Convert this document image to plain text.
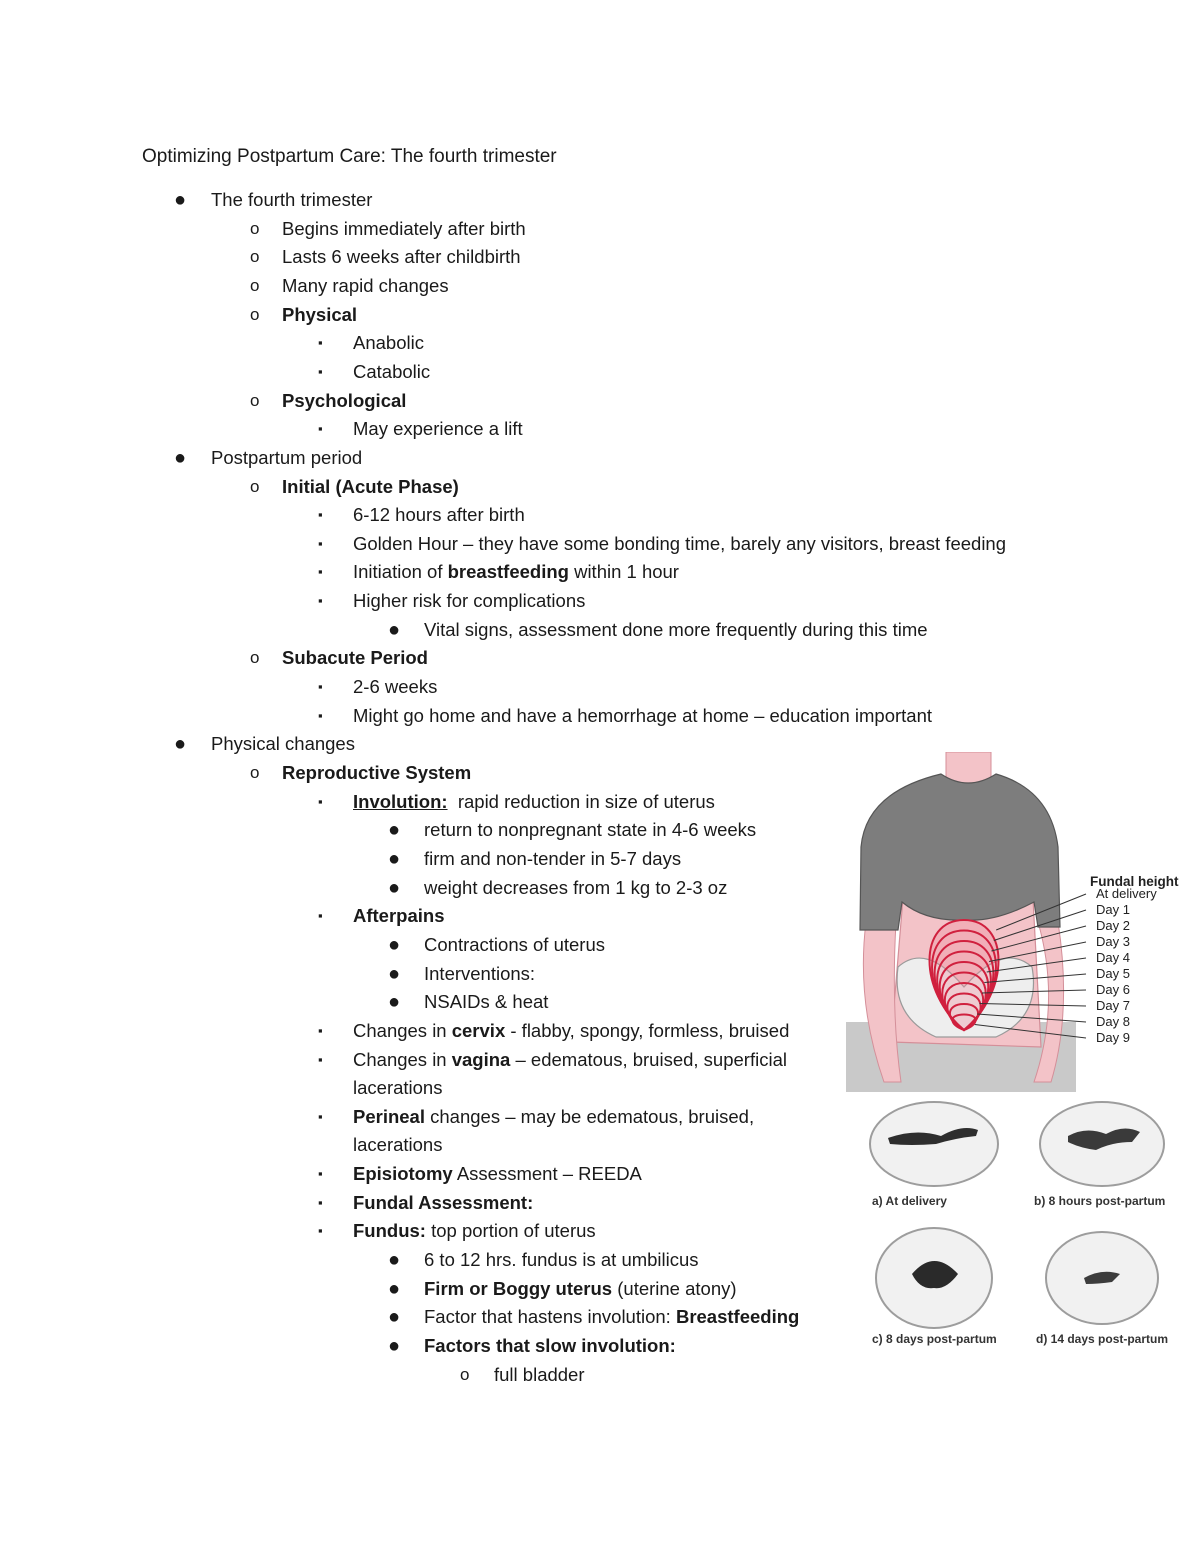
Optimizing Postpartum Care: The fourth trimester
● The fourth trimester
o Begins immediately after birth
o Lasts 6 weeks after childbirth
o Many rapid changes
o Physical
▪ Anabolic
▪ Catabolic
o Psychological
▪ May experience a lift
● Postpartum period
o Initial (Acute Phase)
▪ 6-12 hours after birth
▪ Golden Hour – they have some bonding time, barely any visitors, breast feeding
▪ Initiation of breastfeeding within 1 hour
▪ Higher risk for complications
● Vital signs, assessment done more frequently during this time
o Subacute Period
▪ 2-6 weeks
▪ Might go home and have a hemorrhage at home – education important
● Physical changes
o Reproductive System
▪ Involution:  rapid reduction in size of uterus
● return to nonpregnant state in 4-6 weeks
● firm and non-tender in 5-7 days
● weight decreases from 1 kg to 2-3 oz
▪ Afterpains
● Contractions of uterus
● Interventions:
● NSAIDs & heat
▪ Changes in cervix - flabby, spongy, formless, bruised
▪ Changes in vagina – edematous, bruised, superficial
lacerations
▪ Perineal changes – may be edematous, bruised,
lacerations
▪ Episiotomy Assessment – REEDA
▪ Fundal Assessment:
▪ Fundus: top portion of uterus
● 6 to 12 hrs. fundus is at umbilicus
● Firm or Boggy uterus (uterine atony)
● Factor that hastens involution: Breastfeeding
● Factors that slow involution:
o full bladder
Fundal height
At delivery
Day 1
Day 2
Day 3
Day 4
Day 5
Day 6
Day 7
Day 8
Day 9
a) At delivery	b) 8 hours post-partum
c) 8 days post-partum	d) 14 days post-partum
